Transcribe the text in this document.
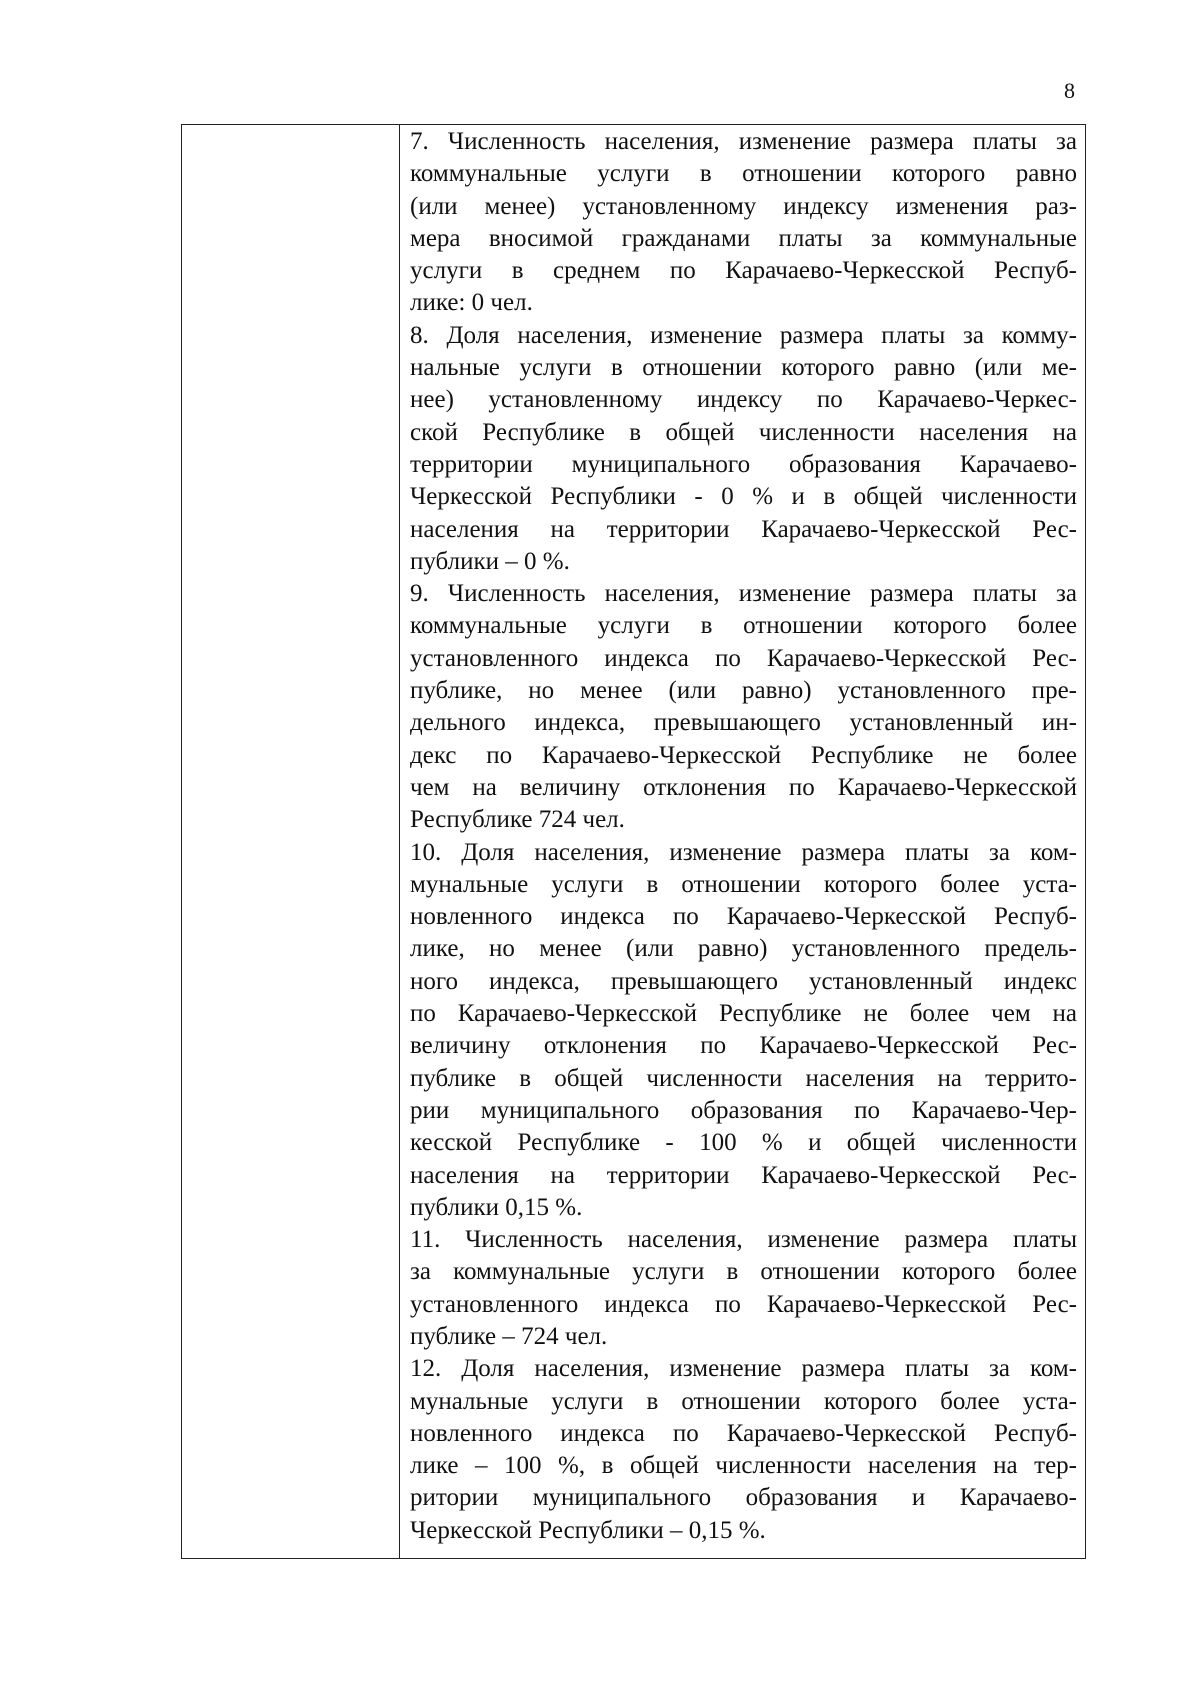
8

7. Численность населения, изменение размера платы за
коммунальные услуги в отношении которого равно
(или менее) установленному индексу изменения раз-
мера вносимой гражданами платы за коммунальные
услуги в среднем по Карачаево-Черкесской Респуб-
лике: 0 чел.

8. Доля населения, изменение размера платы за комму-
нальные услуги в отношении которого равно (или ме-
нее) установленному индексу по Карачаево-Черкес-
ской Республике в общей численности населения на
территории муниципального образования Карачаево-
Черкесской Республики - 0 % и в общей численности
населения на территории Карачаево-Черкесской Рес-
публики – 0 %.

9. Численность населения, изменение размера платы за
коммунальные услуги в отношении которого более
установленного индекса по Карачаево-Черкесской Рес-
публике, но менее (или равно) установленного пре-
дельного индекса, превышающего установленный ин-
декс по Карачаево-Черкесской Республике не более
чем на величину отклонения по Карачаево-Черкесской
Республике 724 чел.

10. Доля населения, изменение размера платы за ком-
мунальные услуги в отношении которого более уста-
новленного индекса по Карачаево-Черкесской Респуб-
лике, но менее (или равно) установленного предель-
ного индекса, превышающего установленный индекс
по Карачаево-Черкесской Республике не более чем на
величину отклонения по Карачаево-Черкесской Рес-
публике в общей численности населения на террито-
рии муниципального образования по Карачаево-Чер-
кесской Республике - 100 % и общей численности
населения на территории Карачаево-Черкесской Рес-
публики 0,15 %.

11. Численность населения, изменение размера платы
за коммунальные услуги в отношении которого более
установленного индекса по Карачаево-Черкесской Рес-
публике – 724 чел.

12. Доля населения, изменение размера платы за ком-
мунальные услуги в отношении которого более уста-
новленного индекса по Карачаево-Черкесской Респуб-
лике – 100 %, в общей численности населения на тер-
ритории муниципального образования и Карачаево-
Черкесской Республики – 0,15 %.
